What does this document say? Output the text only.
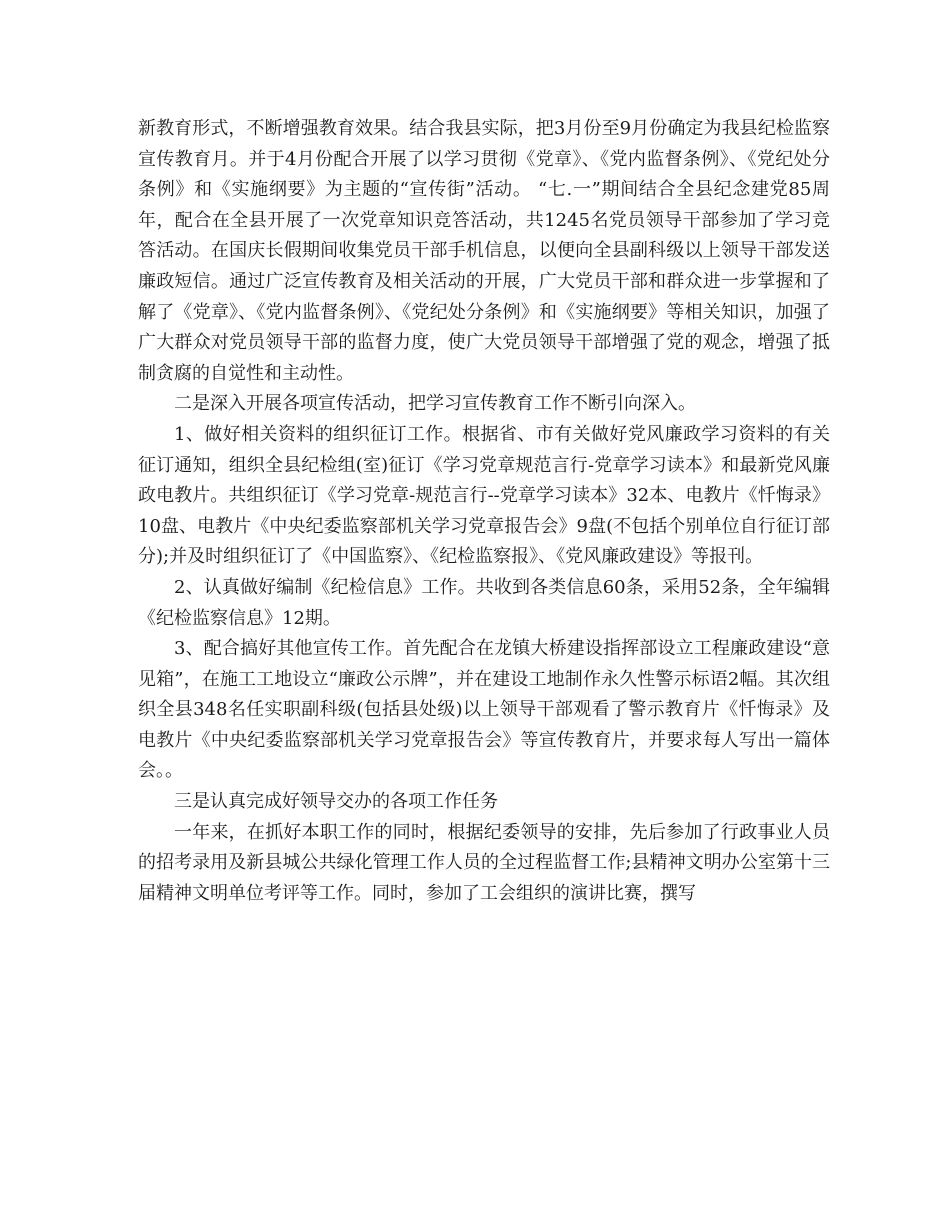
新教育形式，不断增强教育效果。结合我县实际，把3月份至9月份确定为我县纪检监察宣传教育月。并于4月份配合开展了以学习贯彻《党章》、《党内监督条例》、《党纪处分条例》和《实施纲要》为主题的“宣传街”活动。 “七.一”期间结合全县纪念建党85周年，配合在全县开展了一次党章知识竞答活动，共1245名党员领导干部参加了学习竞答活动。在国庆长假期间收集党员干部手机信息，以便向全县副科级以上领导干部发送廉政短信。通过广泛宣传教育及相关活动的开展，广大党员干部和群众进一步掌握和了解了《党章》、《党内监督条例》、《党纪处分条例》和《实施纲要》等相关知识，加强了广大群众对党员领导干部的监督力度，使广大党员领导干部增强了党的观念，增强了抵制贪腐的自觉性和主动性。

二是深入开展各项宣传活动，把学习宣传教育工作不断引向深入。

1、做好相关资料的组织征订工作。根据省、市有关做好党风廉政学习资料的有关征订通知，组织全县纪检组(室)征订《学习党章规范言行-党章学习读本》和最新党风廉政电教片。共组织征订《学习党章-规范言行--党章学习读本》32本、电教片《忏悔录》10盘、电教片《中央纪委监察部机关学习党章报告会》9盘(不包括个别单位自行征订部分);并及时组织征订了《中国监察》、《纪检监察报》、《党风廉政建设》等报刊。

2、认真做好编制《纪检信息》工作。共收到各类信息60条，采用52条，全年编辑《纪检监察信息》12期。

3、配合搞好其他宣传工作。首先配合在龙镇大桥建设指挥部设立工程廉政建设“意见箱”，在施工工地设立“廉政公示牌”，并在建设工地制作永久性警示标语2幅。其次组织全县348名任实职副科级(包括县处级)以上领导干部观看了警示教育片《忏悔录》及电教片《中央纪委监察部机关学习党章报告会》等宣传教育片，并要求每人写出一篇体会。。

三是认真完成好领导交办的各项工作任务

一年来，在抓好本职工作的同时，根据纪委领导的安排，先后参加了行政事业人员的招考录用及新县城公共绿化管理工作人员的全过程监督工作;县精神文明办公室第十三届精神文明单位考评等工作。同时，参加了工会组织的演讲比赛，撰写
